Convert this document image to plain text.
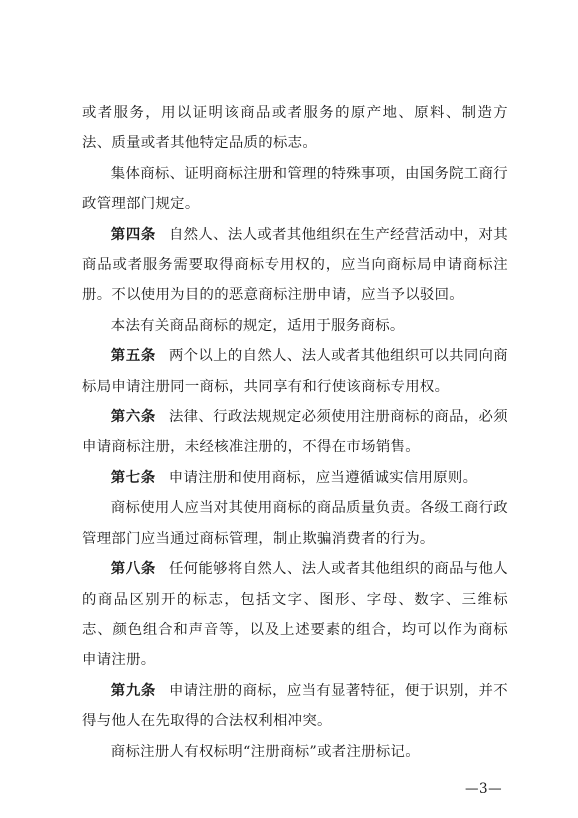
或者服务，用以证明该商品或者服务的原产地、原料、制造方法、质量或者其他特定品质的标志。

集体商标、证明商标注册和管理的特殊事项，由国务院工商行政管理部门规定。

第四条 自然人、法人或者其他组织在生产经营活动中，对其商品或者服务需要取得商标专用权的，应当向商标局申请商标注册。不以使用为目的的恶意商标注册申请，应当予以驳回。

本法有关商品商标的规定，适用于服务商标。

第五条 两个以上的自然人、法人或者其他组织可以共同向商标局申请注册同一商标，共同享有和行使该商标专用权。

第六条 法律、行政法规规定必须使用注册商标的商品，必须申请商标注册，未经核准注册的，不得在市场销售。

第七条 申请注册和使用商标，应当遵循诚实信用原则。

商标使用人应当对其使用商标的商品质量负责。各级工商行政管理部门应当通过商标管理，制止欺骗消费者的行为。

第八条 任何能够将自然人、法人或者其他组织的商品与他人的商品区别开的标志，包括文字、图形、字母、数字、三维标志、颜色组合和声音等，以及上述要素的组合，均可以作为商标申请注册。

第九条 申请注册的商标，应当有显著特征，便于识别，并不得与他人在先取得的合法权利相冲突。

商标注册人有权标明“注册商标”或者注册标记。

—3—
